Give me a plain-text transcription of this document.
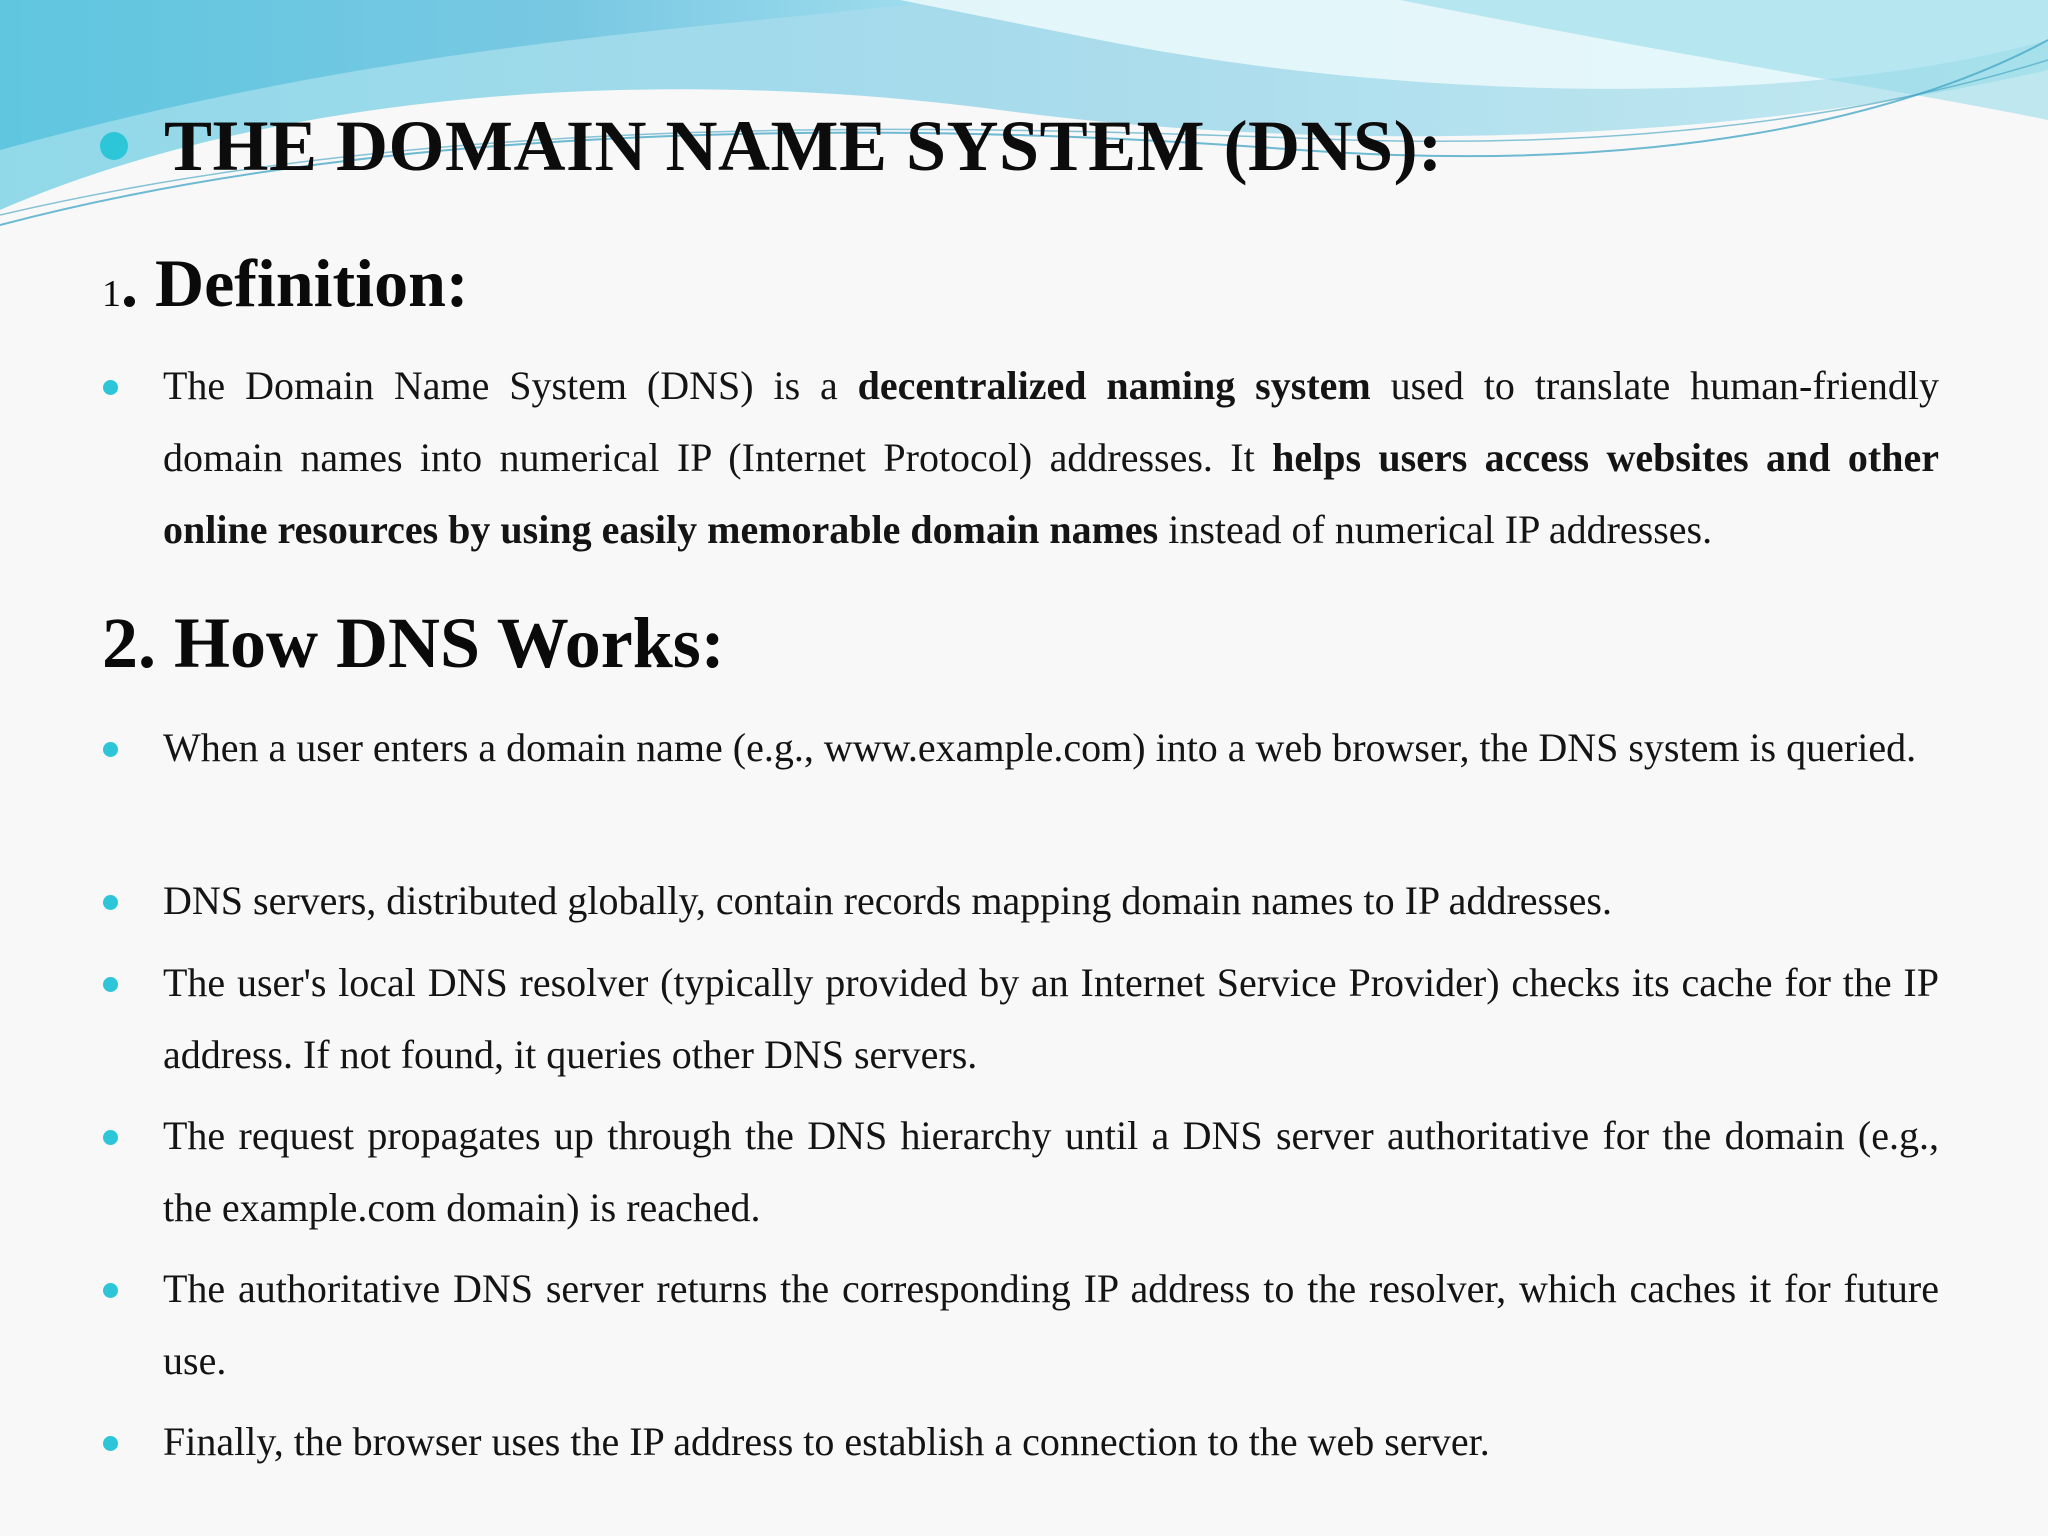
THE DOMAIN NAME SYSTEM (DNS):
1. Definition:
The Domain Name System (DNS) is a decentralized naming system used to translate human-friendly domain names into numerical IP (Internet Protocol) addresses. It helps users access websites and other online resources by using easily memorable domain names instead of numerical IP addresses.
2. How DNS Works:
When a user enters a domain name (e.g., www.example.com) into a web browser, the DNS system is queried.
DNS servers, distributed globally, contain records mapping domain names to IP addresses.
The user's local DNS resolver (typically provided by an Internet Service Provider) checks its cache for the IP address. If not found, it queries other DNS servers.
The request propagates up through the DNS hierarchy until a DNS server authoritative for the domain (e.g., the example.com domain) is reached.
The authoritative DNS server returns the corresponding IP address to the resolver, which caches it for future use.
Finally, the browser uses the IP address to establish a connection to the web server.
